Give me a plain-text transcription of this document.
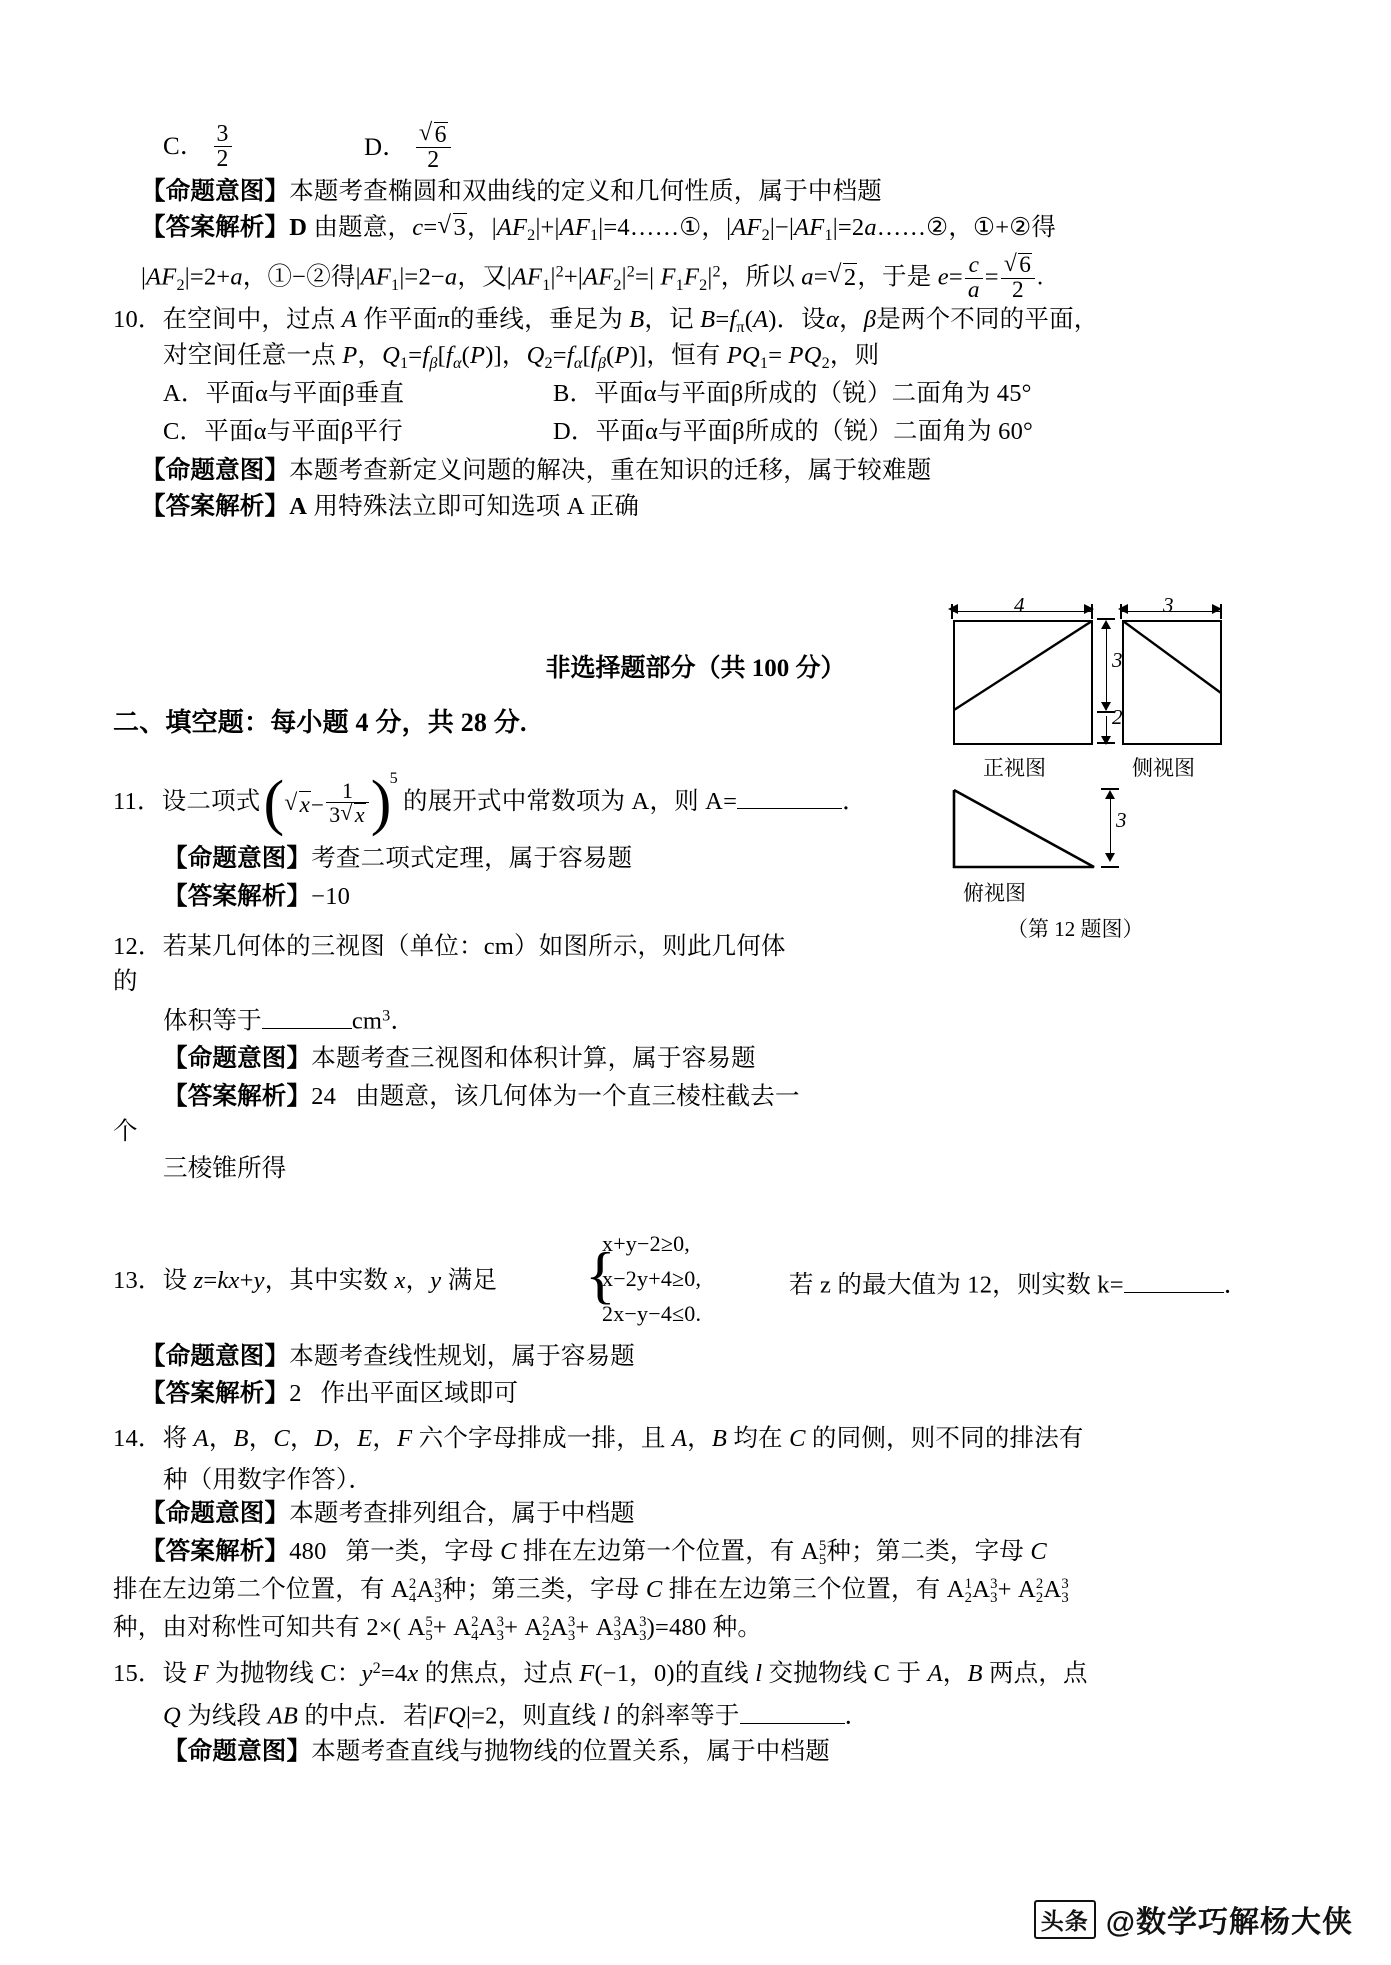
C． $\frac{3}{2}$	D． √ $\frac{6}{2}$
【命题意图】本题考查椭圆和双曲线的定义和几何性质，属于中档题
【答案解析】D 由题意，c= √ 3，$|AF_2|+|AF_1|=4\dots\dots ①$，$|AF_2|-|AF_1|=2a\dots\dots ②$，①+②得
$|AF_2|=2+a$，①−②得$|AF_1|=2-a$，又$|AF_1|^2+|AF_2|^2=|$ $F_1F_2|^2$，所以 a= √ 2，于是 $e= \frac{c}{a}$ = √ $\frac{6}{2}$ .
10．在空间中，过点 A 作平面π的垂线，垂足为 B，记 $B=f_\pi(A)$．设α，β是两个不同的平面，
对空间任意一点 P，$Q_1=f_\beta[f_\alpha(P)]$，$Q_2=f_\alpha[f_\beta(P)]$，恒有 $PQ_1= PQ_2$，则
A．平面α与平面β垂直	B．平面α与平面β所成的（锐）二面角为 45°
C．平面α与平面β平行	D．平面α与平面β所成的（锐）二面角为 60°
【命题意图】本题考查新定义问题的解决，重在知识的迁移，属于较难题
【答案解析】A 用特殊法立即可知选项 A 正确
非选择题部分（共 100 分）
二、填空题：每小题 4 分，共 28 分.
11．设二项式( √ $x- \frac{1}{3 √ x} )^5$的展开式中常数项为 A，则 A=	．
【命题意图】考查二项式定理，属于容易题
【答案解析】−10
12．若某几何体的三视图（单位：cm）如图所示，则此几何体
的
体积等于	$cm^3$．
【命题意图】本题考查三视图和体积计算，属于容易题
【答案解析】24 由题意，该几何体为一个直三棱柱截去一
个
三棱锥所得
4
3
2
正视图
3
侧视图
3
俯视图
（第 12 题图）
13．设 z=kx+y，其中实数 x，y 满足 {
x+y−2≥0,
x−2y+4≥0,
2x−y−4≤0.
若 z 的最大值为 12，则实数 k=	．
【命题意图】本题考查线性规划，属于容易题
【答案解析】2 作出平面区域即可
14．将 A，B，C，D，E，F 六个字母排成一排，且 A，B 均在 C 的同侧，则不同的排法有
种（用数字作答）．
【命题意图】本题考查排列组合，属于中档题
【答案解析】480   第一类，字母 C 排在左边第一个位置，有 A 5
5 种；第二类，字母 C
排在左边第二个位置，有 A 2
4 A 3
3 种；第三类，字母 C 排在左边第三个位置，有 A 1
2 A 3
3 + A 2
2 A 3
3
种，由对称性可知共有 2×( A 5
5 + A 2
4 A 3
3 + A 2
2 A 3
3 + A 3
3 A 3
3 )=480 种。
15．设 F 为抛物线 C：$y^2=4x$ 的焦点，过点 F(−1，0)的直线 l 交抛物线 C 于 A，B 两点，点
Q 为线段 AB 的中点．若|FQ|=2，则直线 l 的斜率等于	．
【命题意图】本题考查直线与抛物线的位置关系，属于中档题
头条 @数学巧解杨大侠
